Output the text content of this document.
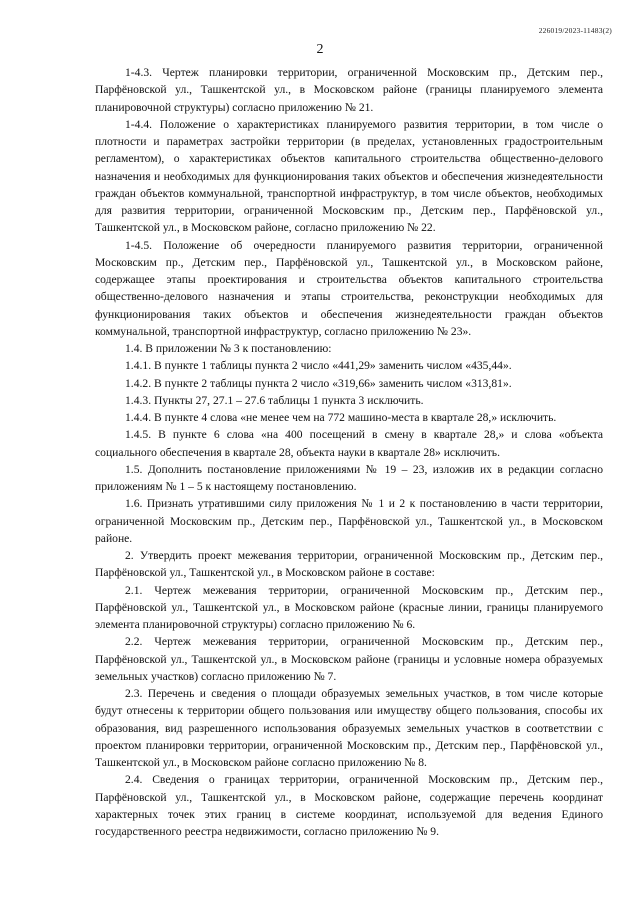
226019/2023-11483(2)
2

1-4.3. Чертеж планировки территории, ограниченной Московским пр., Детским пер., Парфёновской ул., Ташкентской ул., в Московском районе (границы планируемого элемента планировочной структуры) согласно приложению № 21.

1-4.4. Положение о характеристиках планируемого развития территории, в том числе о плотности и параметрах застройки территории (в пределах, установленных градостроительным регламентом), о характеристиках объектов капитального строительства общественно-делового назначения и необходимых для функционирования таких объектов и обеспечения жизнедеятельности граждан объектов коммунальной, транспортной инфраструктур, в том числе объектов, необходимых для развития территории, ограниченной Московским пр., Детским пер., Парфёновской ул., Ташкентской ул., в Московском районе, согласно приложению № 22.

1-4.5. Положение об очередности планируемого развития территории, ограниченной Московским пр., Детским пер., Парфёновской ул., Ташкентской ул., в Московском районе, содержащее этапы проектирования и строительства объектов капитального строительства общественно-делового назначения и этапы строительства, реконструкции необходимых для функционирования таких объектов и обеспечения жизнедеятельности граждан объектов коммунальной, транспортной инфраструктур, согласно приложению № 23».

1.4. В приложении № 3 к постановлению:

1.4.1. В пункте 1 таблицы пункта 2 число «441,29» заменить числом «435,44».

1.4.2. В пункте 2 таблицы пункта 2 число «319,66» заменить числом «313,81».

1.4.3. Пункты 27, 27.1 – 27.6 таблицы 1 пункта 3 исключить.

1.4.4. В пункте 4 слова «не менее чем на 772 машино-места в квартале 28,» исключить.

1.4.5. В пункте 6 слова «на 400 посещений в смену в квартале 28,» и слова «объекта социального обеспечения в квартале 28, объекта науки в квартале 28» исключить.

1.5. Дополнить постановление приложениями № 19 – 23, изложив их в редакции согласно приложениям № 1 – 5 к настоящему постановлению.

1.6. Признать утратившими силу приложения № 1 и 2 к постановлению в части территории, ограниченной Московским пр., Детским пер., Парфёновской ул., Ташкентской ул., в Московском районе.

2. Утвердить проект межевания территории, ограниченной Московским пр., Детским пер., Парфёновской ул., Ташкентской ул., в Московском районе в составе:

2.1. Чертеж межевания территории, ограниченной Московским пр., Детским пер., Парфёновской ул., Ташкентской ул., в Московском районе (красные линии, границы планируемого элемента планировочной структуры) согласно приложению № 6.

2.2. Чертеж межевания территории, ограниченной Московским пр., Детским пер., Парфёновской ул., Ташкентской ул., в Московском районе (границы и условные номера образуемых земельных участков) согласно приложению № 7.

2.3. Перечень и сведения о площади образуемых земельных участков, в том числе которые будут отнесены к территории общего пользования или имуществу общего пользования, способы их образования, вид разрешенного использования образуемых земельных участков в соответствии с проектом планировки территории, ограниченной Московским пр., Детским пер., Парфёновской ул., Ташкентской ул., в Московском районе согласно приложению № 8.

2.4. Сведения о границах территории, ограниченной Московским пр., Детским пер., Парфёновской ул., Ташкентской ул., в Московском районе, содержащие перечень координат характерных точек этих границ в системе координат, используемой для ведения Единого государственного реестра недвижимости, согласно приложению № 9.
